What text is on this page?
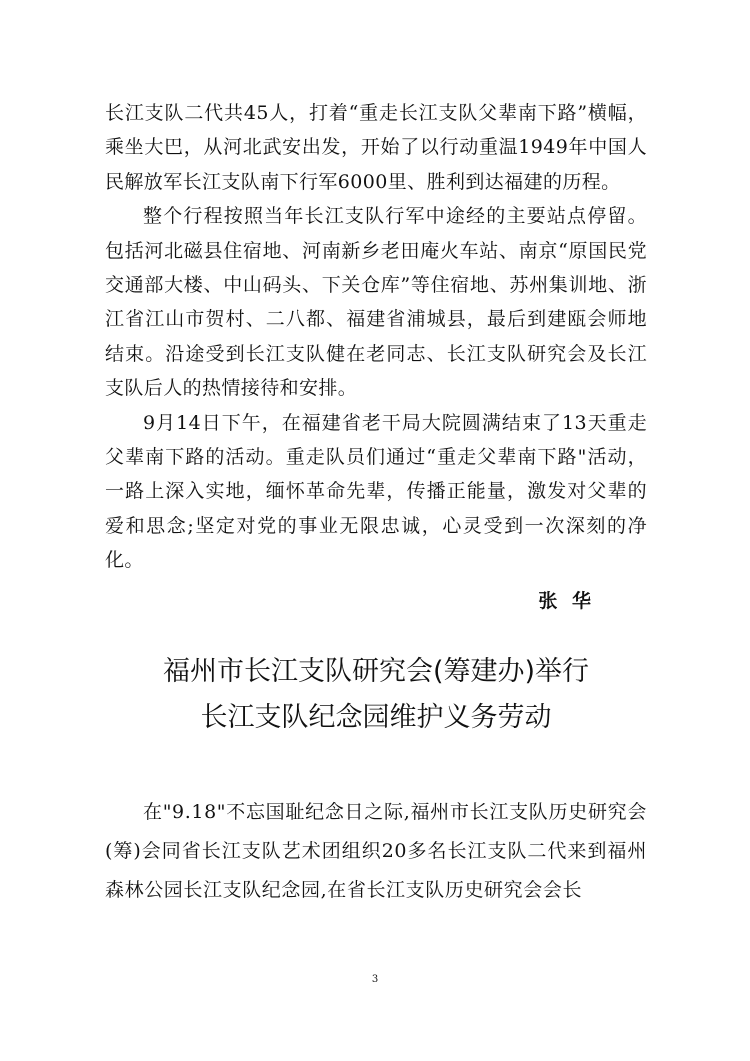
长江支队二代共45人，打着“重走长江支队父辈南下路”横幅，乘坐大巴，从河北武安出发，开始了以行动重温1949年中国人民解放军长江支队南下行军6000里、胜利到达福建的历程。

整个行程按照当年长江支队行军中途经的主要站点停留。包括河北磁县住宿地、河南新乡老田庵火车站、南京“原国民党交通部大楼、中山码头、下关仓库”等住宿地、苏州集训地、浙江省江山市贺村、二八都、福建省浦城县，最后到建瓯会师地结束。沿途受到长江支队健在老同志、长江支队研究会及长江支队后人的热情接待和安排。

9月14日下午，在福建省老干局大院圆满结束了13天重走父辈南下路的活动。重走队员们通过“重走父辈南下路"活动，一路上深入实地，缅怀革命先辈，传播正能量，激发对父辈的爱和思念;坚定对党的事业无限忠诚，心灵受到一次深刻的净化。

张 华
福州市长江支队研究会(筹建办)举行
长江支队纪念园维护义务劳动

在"9.18"不忘国耻纪念日之际,福州市长江支队历史研究会(筹)会同省长江支队艺术团组织20多名长江支队二代来到福州森林公园长江支队纪念园,在省长江支队历史研究会会长

3
